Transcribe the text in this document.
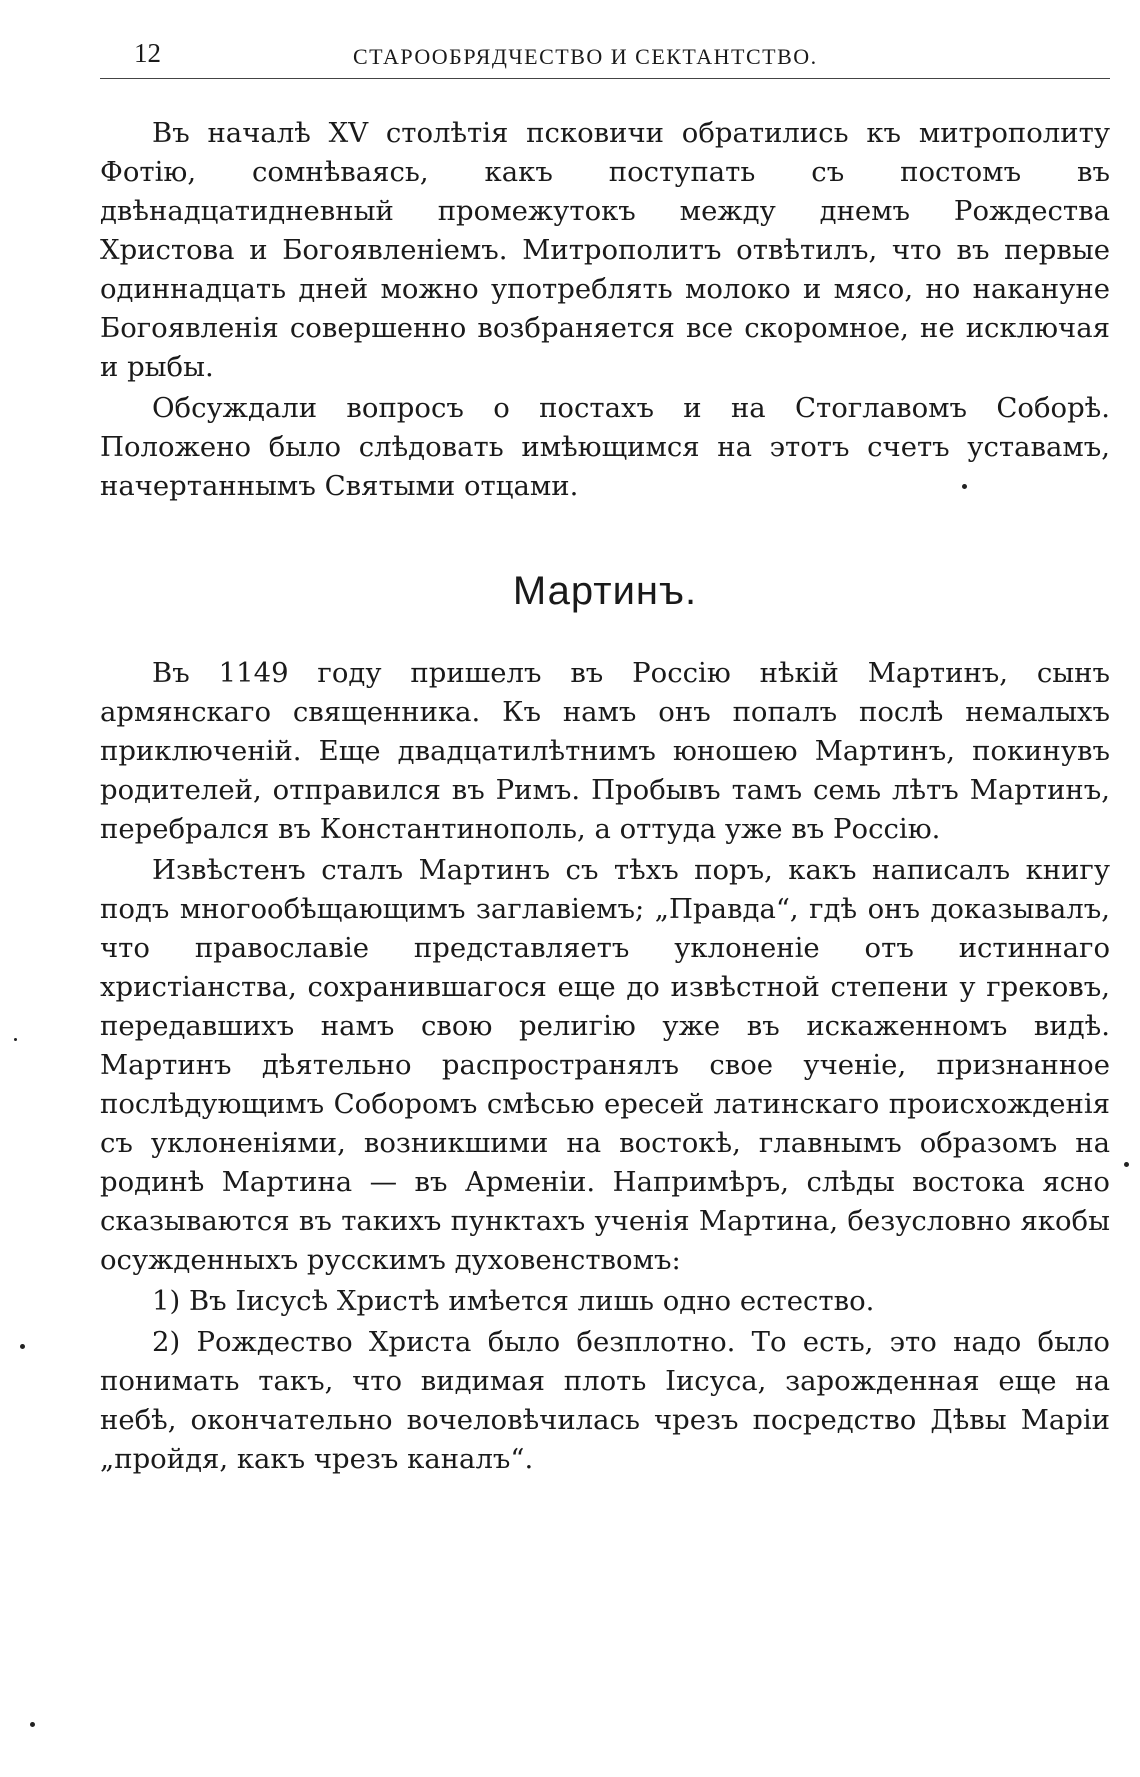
12	СТАРООБРЯДЧЕСТВО И СЕКТАНТСТВО.

Въ началѣ XV столѣтія псковичи обратились къ митрополиту Фотію, сомнѣваясь, какъ поступать съ постомъ въ двѣнадцатидневный промежутокъ между днемъ Рождества Христова и Богоявленіемъ. Митрополитъ отвѣтилъ, что въ первые одиннадцать дней можно употреблять молоко и мясо, но накануне Богоявленія совершенно возбраняется все скоромное, не исключая и рыбы.

Обсуждали вопросъ о постахъ и на Стоглавомъ Соборѣ. Положено было слѣдовать имѣющимся на этотъ счетъ уставамъ, начертаннымъ Святыми отцами.

Мартинъ.

Въ 1149 году пришелъ въ Россію нѣкій Мартинъ, сынъ армянскаго священника. Къ намъ онъ попалъ послѣ немалыхъ приключеній. Еще двадцатилѣтнимъ юношею Мартинъ, покинувъ родителей, отправился въ Римъ. Пробывъ тамъ семь лѣтъ Мартинъ, перебрался въ Константинополь, а оттуда уже въ Россію.

Извѣстенъ сталъ Мартинъ съ тѣхъ поръ, какъ написалъ книгу подъ многообѣщающимъ заглавіемъ; „Правда“, гдѣ онъ доказывалъ, что православіе представляетъ уклоненіе отъ истиннаго христіанства, сохранившагося еще до извѣстной степени у грековъ, передавшихъ намъ свою религію уже въ искаженномъ видѣ. Мартинъ дѣятельно распространялъ свое ученіе, признанное послѣдующимъ Соборомъ смѣсью ересей латинскаго происхожденія съ уклоненіями, возникшими на востокѣ, главнымъ образомъ на родинѣ Мартина — въ Арменіи. Напримѣръ, слѣды востока ясно сказываются въ такихъ пунктахъ ученія Мартина, безусловно якобы осужденныхъ русскимъ духовенствомъ:

1) Въ Іисусѣ Христѣ имѣется лишь одно естество.

2) Рождество Христа было безплотно. То есть, это надо было понимать такъ, что видимая плоть Іисуса, зарожденная еще на небѣ, окончательно вочеловѣчилась чрезъ посредство Дѣвы Маріи „пройдя, какъ чрезъ каналъ“.
